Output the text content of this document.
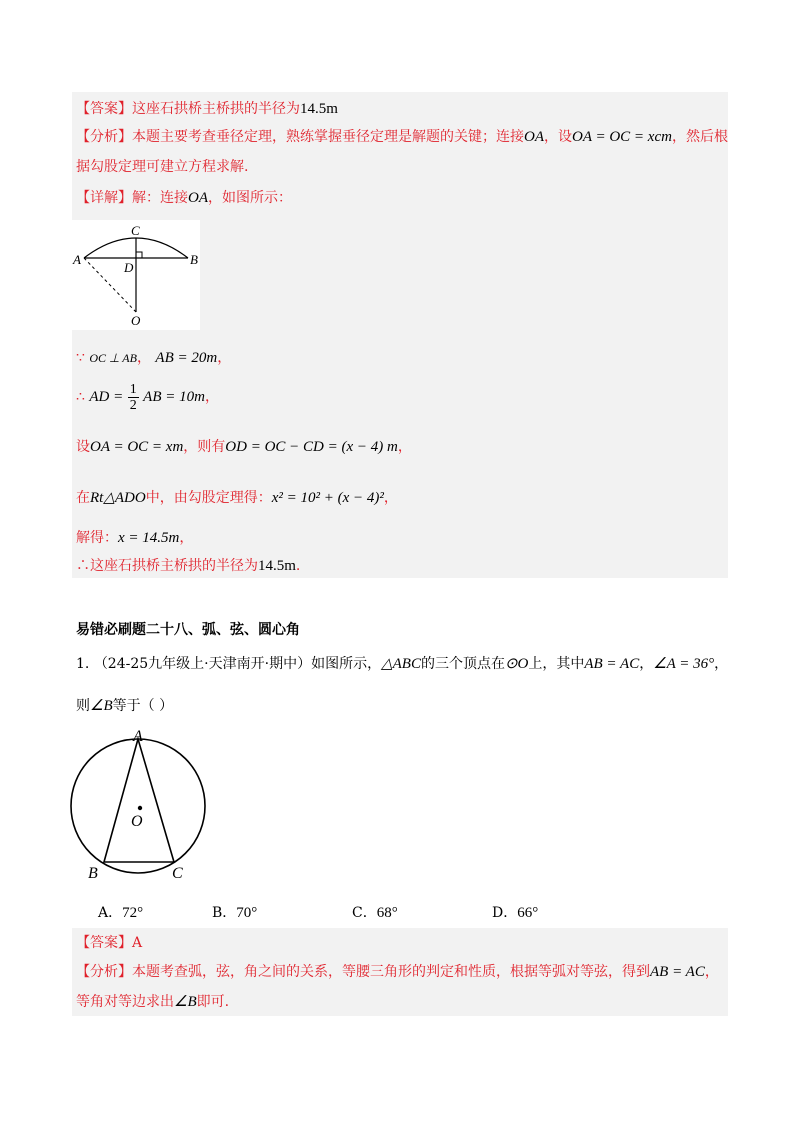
【答案】这座石拱桥主桥拱的半径为14.5m
【分析】本题主要考查垂径定理，熟练掌握垂径定理是解题的关键；连接OA，设OA = OC = xcm，然后根
据勾股定理可建立方程求解.
【详解】解：连接OA，如图所示：
C
A	B
D
O
∵ OC ⊥ AB， AB = 20m，
∴ AD = $\frac{1}{2}$ AB = 10m，
设OA = OC = xm，则有OD = OC − CD = (x − 4) m，
在Rt△ADO中，由勾股定理得：x² = 10² + (x − 4)²，
解得：x = 14.5m，
∴这座石拱桥主桥拱的半径为14.5m.
易错必刷题二十八、弧、弦、圆心角
1. （24-25九年级上·天津南开·期中）如图所示，△ABC的三个顶点在⊙O上，其中AB = AC，∠A = 36°，
则∠B等于（ ）
A
O
B	C
A．72°	B．70°	C．68°	D．66°
【答案】A
【分析】本题考查弧，弦，角之间的关系，等腰三角形的判定和性质，根据等弧对等弦，得到AB = AC，
等角对等边求出∠B即可.
